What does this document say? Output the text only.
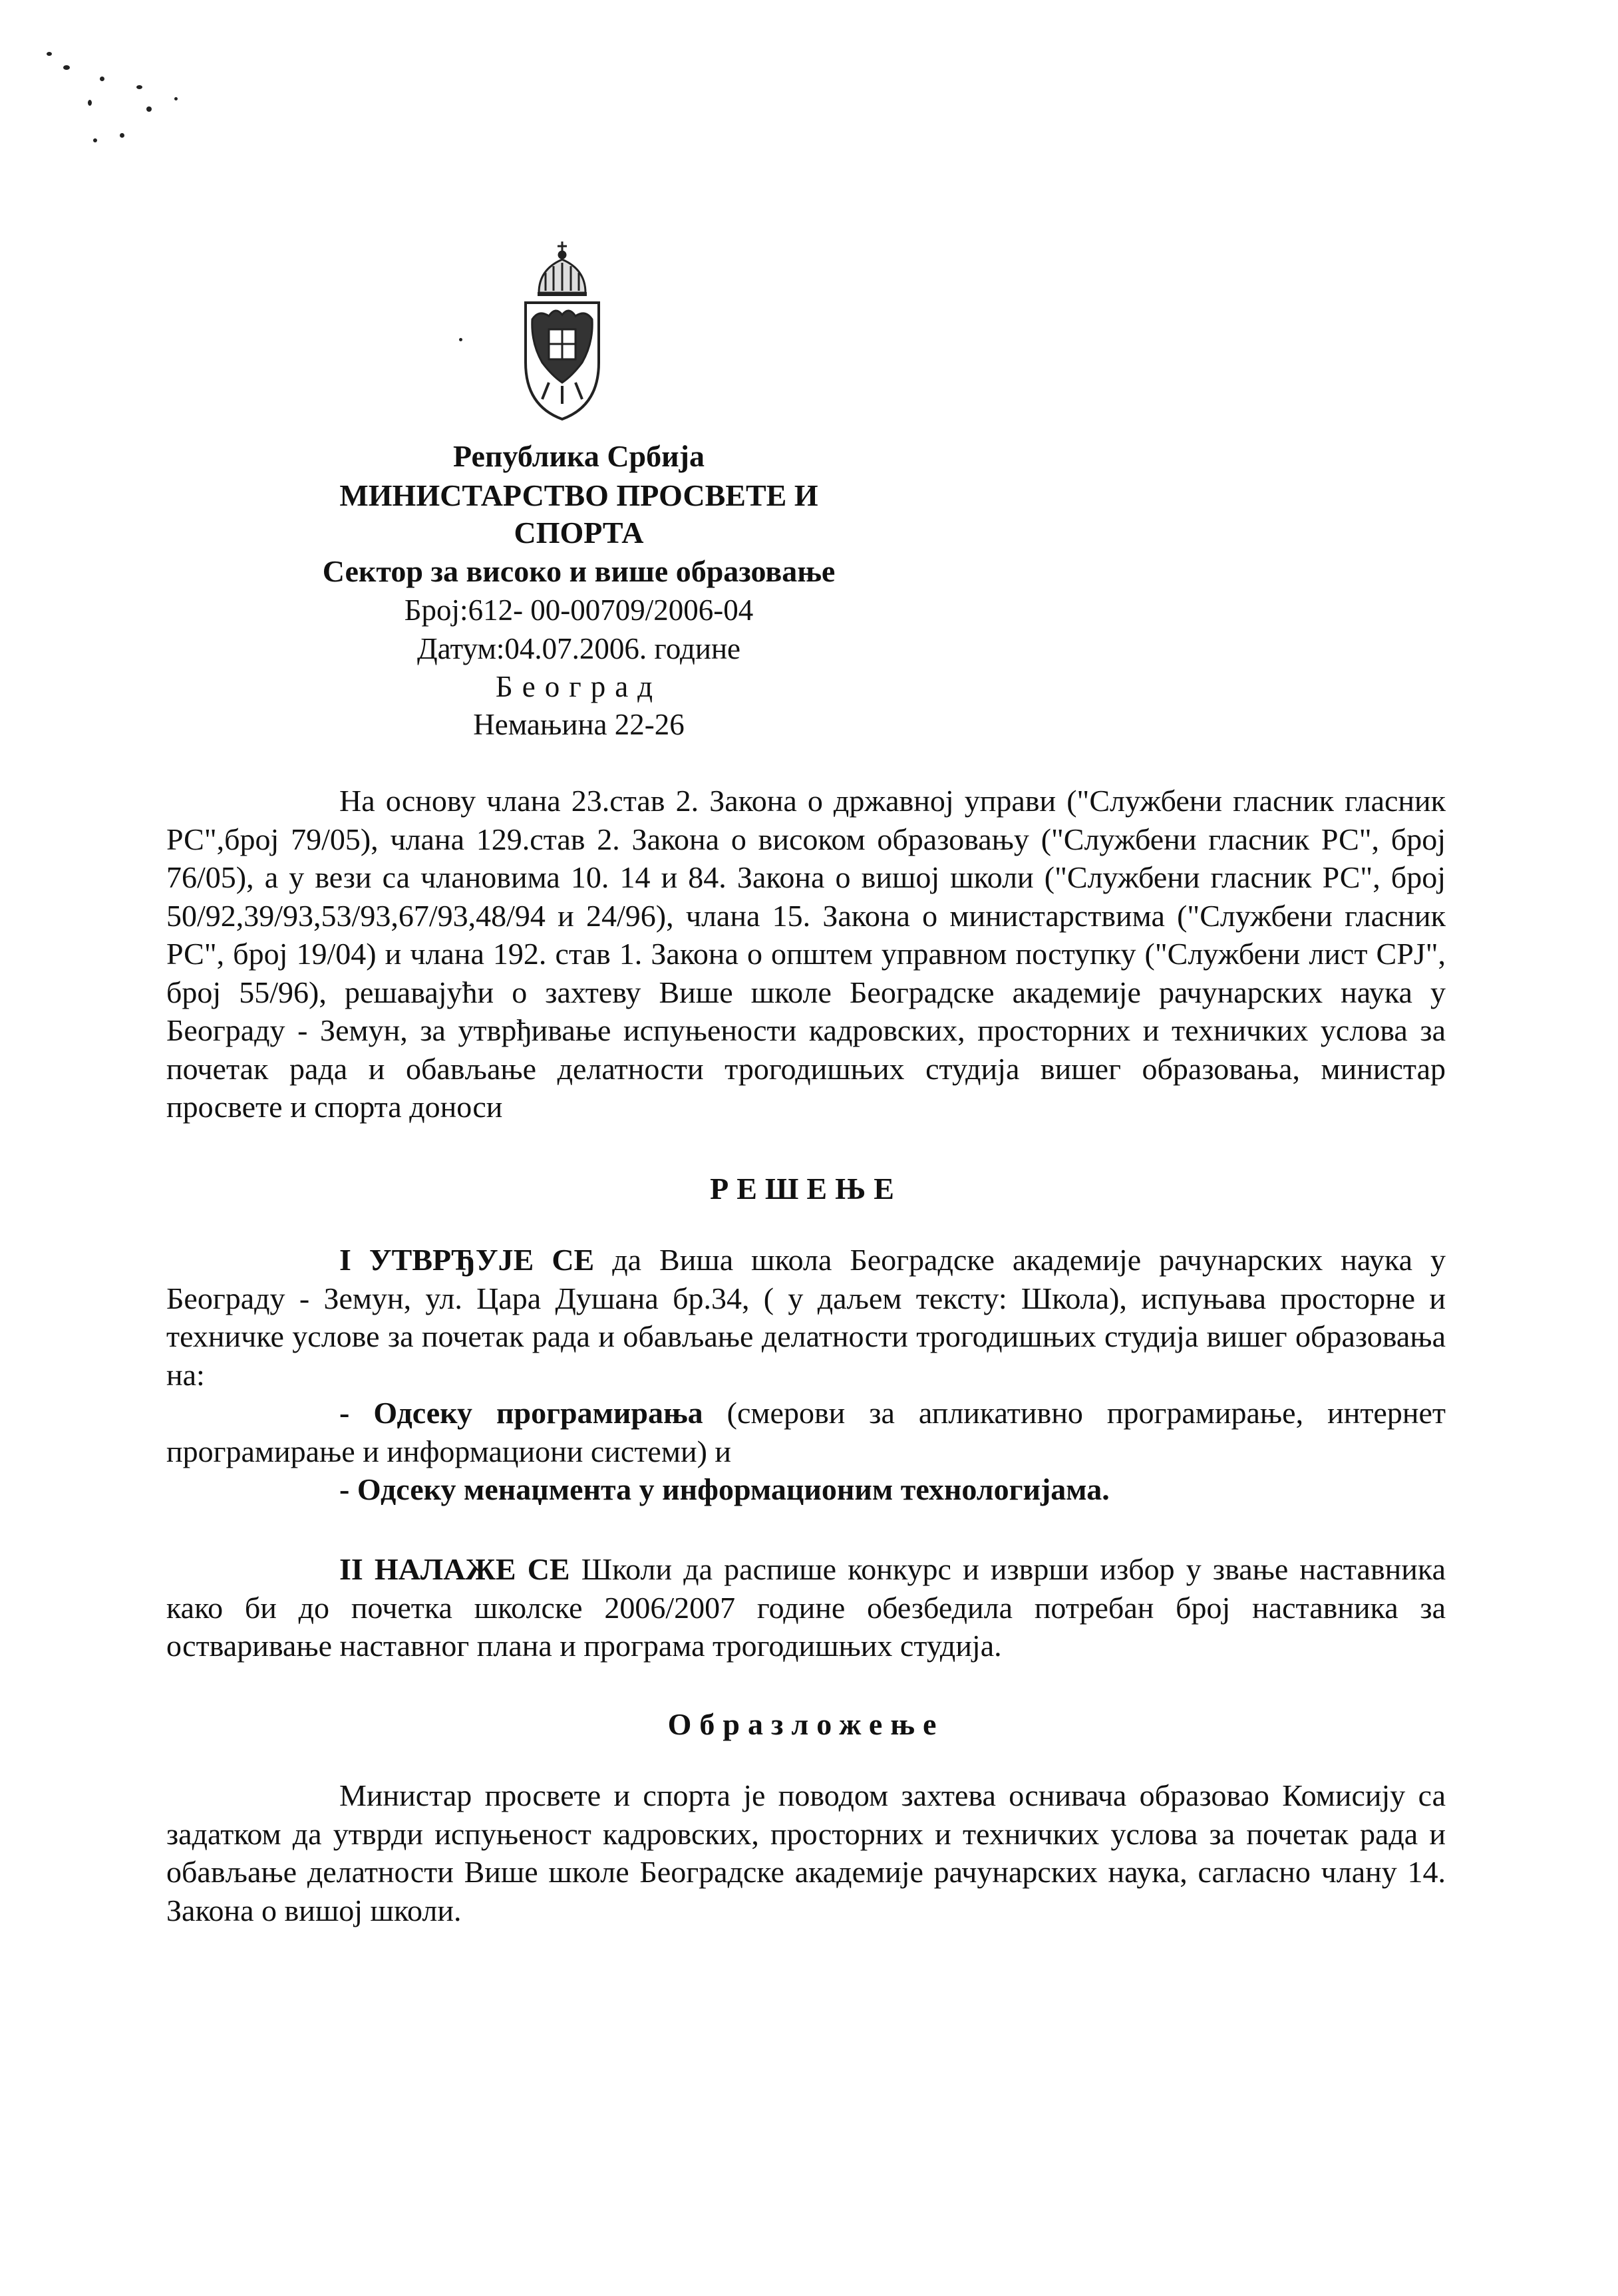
Република Србија
МИНИСТАРСТВО ПРОСВЕТЕ И
СПОРТА
Сектор за високо и више образовање
Број:612- 00-00709/2006-04
Датум:04.07.2006. године
Београд
Немањина 22-26

На основу члана 23.став 2. Закона о државној управи ("Службени гласник гласник РС",број 79/05), члана 129.став 2. Закона о високом образовању ("Службени гласник РС", број 76/05), а у вези са члановима 10. 14 и 84. Закона о вишој школи ("Службени гласник РС", број 50/92,39/93,53/93,67/93,48/94 и 24/96), члана 15. Закона о министарствима ("Службени гласник РС", број 19/04) и члана 192. став 1. Закона о општем управном поступку ("Службени лист СРЈ", број 55/96), решавајући о захтеву Више школе Београдске академије рачунарских наука у Београду - Земун, за утврђивање испуњености кадровских, просторних и техничких услова за почетак рада и обављање делатности трогодишњих студија вишег образовања, министар просвете и спорта доноси

РЕШЕЊЕ

I УТВРЂУЈЕ СЕ да Виша школа Београдске академије рачунарских наука у Београду - Земун, ул. Цара Душана бр.34, ( у даљем тексту: Школа), испуњава просторне и техничке услове за почетак рада и обављање делатности трогодишњих студија вишег образовања на:
- Одсеку програмирања (смерови за апликативно програмирање, интернет програмирање и информациони системи) и
- Одсеку менаџмента у информационим технологијама.

II НАЛАЖЕ СЕ Школи да распише конкурс и изврши избор у звање наставника како би до почетка школске 2006/2007 године обезбедила потребан број наставника за остваривање наставног плана и програма трогодишњих студија.

Образложење

Министар просвете и спорта је поводом захтева оснивача образовао Комисију са задатком да утврди испуњеност кадровских, просторних и техничких услова за почетак рада и обављање делатности Више школе Београдске академије рачунарских наука, сагласно члану 14. Закона о вишој школи.
